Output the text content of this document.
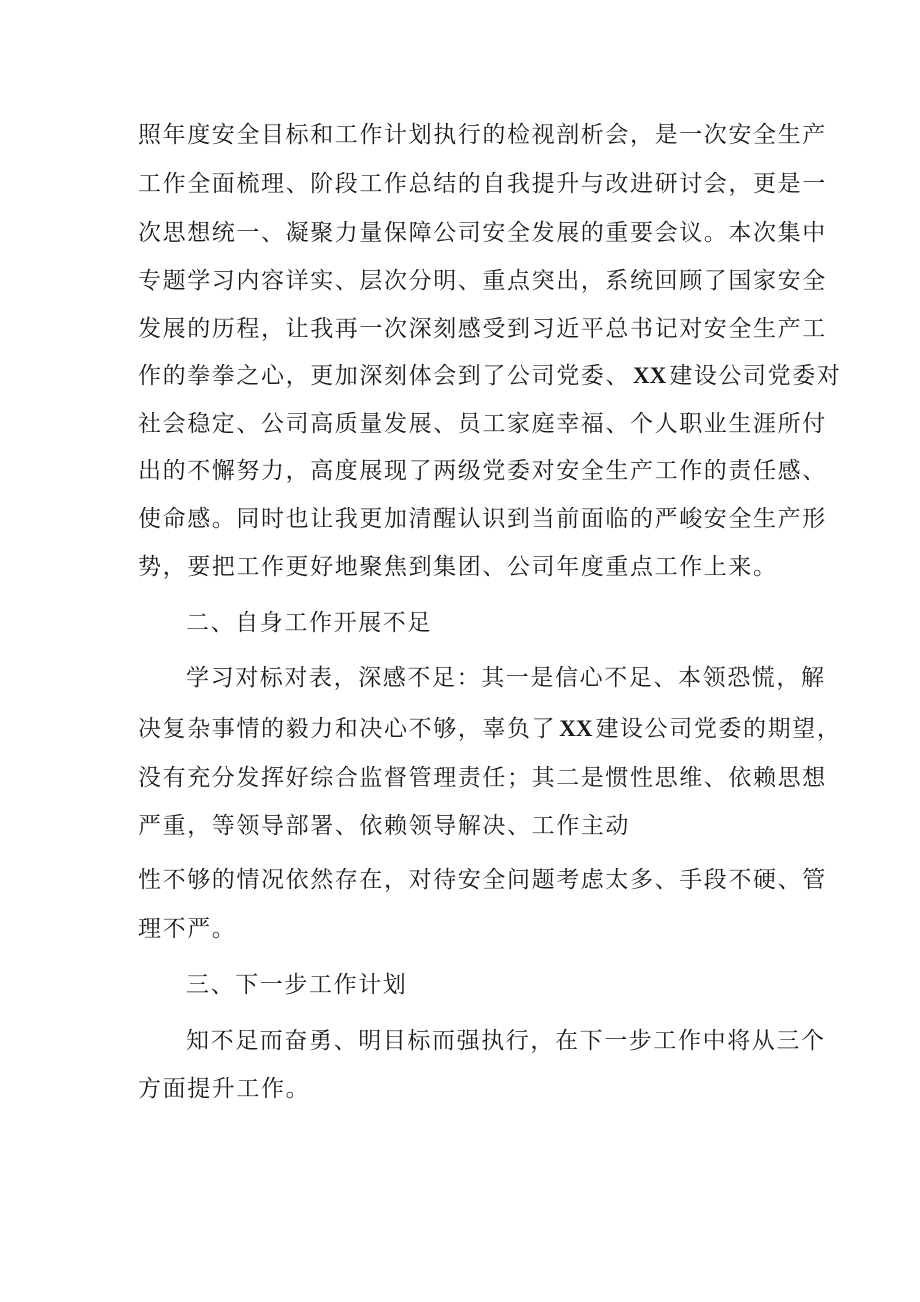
照年度安全目标和工作计划执行的检视剖析会，是一次安全生产

工作全面梳理、阶段工作总结的自我提升与改进研讨会，更是一

次思想统一、凝聚力量保障公司安全发展的重要会议。本次集中

专题学习内容详实、层次分明、重点突出，系统回顾了国家安全

发展的历程，让我再一次深刻感受到习近平总书记对安全生产工

作的拳拳之心，更加深刻体会到了公司党委、 XX 建设公司党委对

社会稳定、公司高质量发展、员工家庭幸福、个人职业生涯所付

出的不懈努力，高度展现了两级党委对安全生产工作的责任感、

使命感。同时也让我更加清醒认识到当前面临的严峻安全生产形

势，要把工作更好地聚焦到集团、公司年度重点工作上来。

二、自身工作开展不足

学习对标对表，深感不足：其一是信心不足、本领恐慌，解

决复杂事情的毅力和决心不够，辜负了 XX 建设公司党委的期望，

没有充分发挥好综合监督管理责任；其二是惯性思维、依赖思想

严重，等领导部署、依赖领导解决、工作主动

性不够的情况依然存在，对待安全问题考虑太多、手段不硬、管

理不严。

三、下一步工作计划

知不足而奋勇、明目标而强执行，在下一步工作中将从三个

方面提升工作。
